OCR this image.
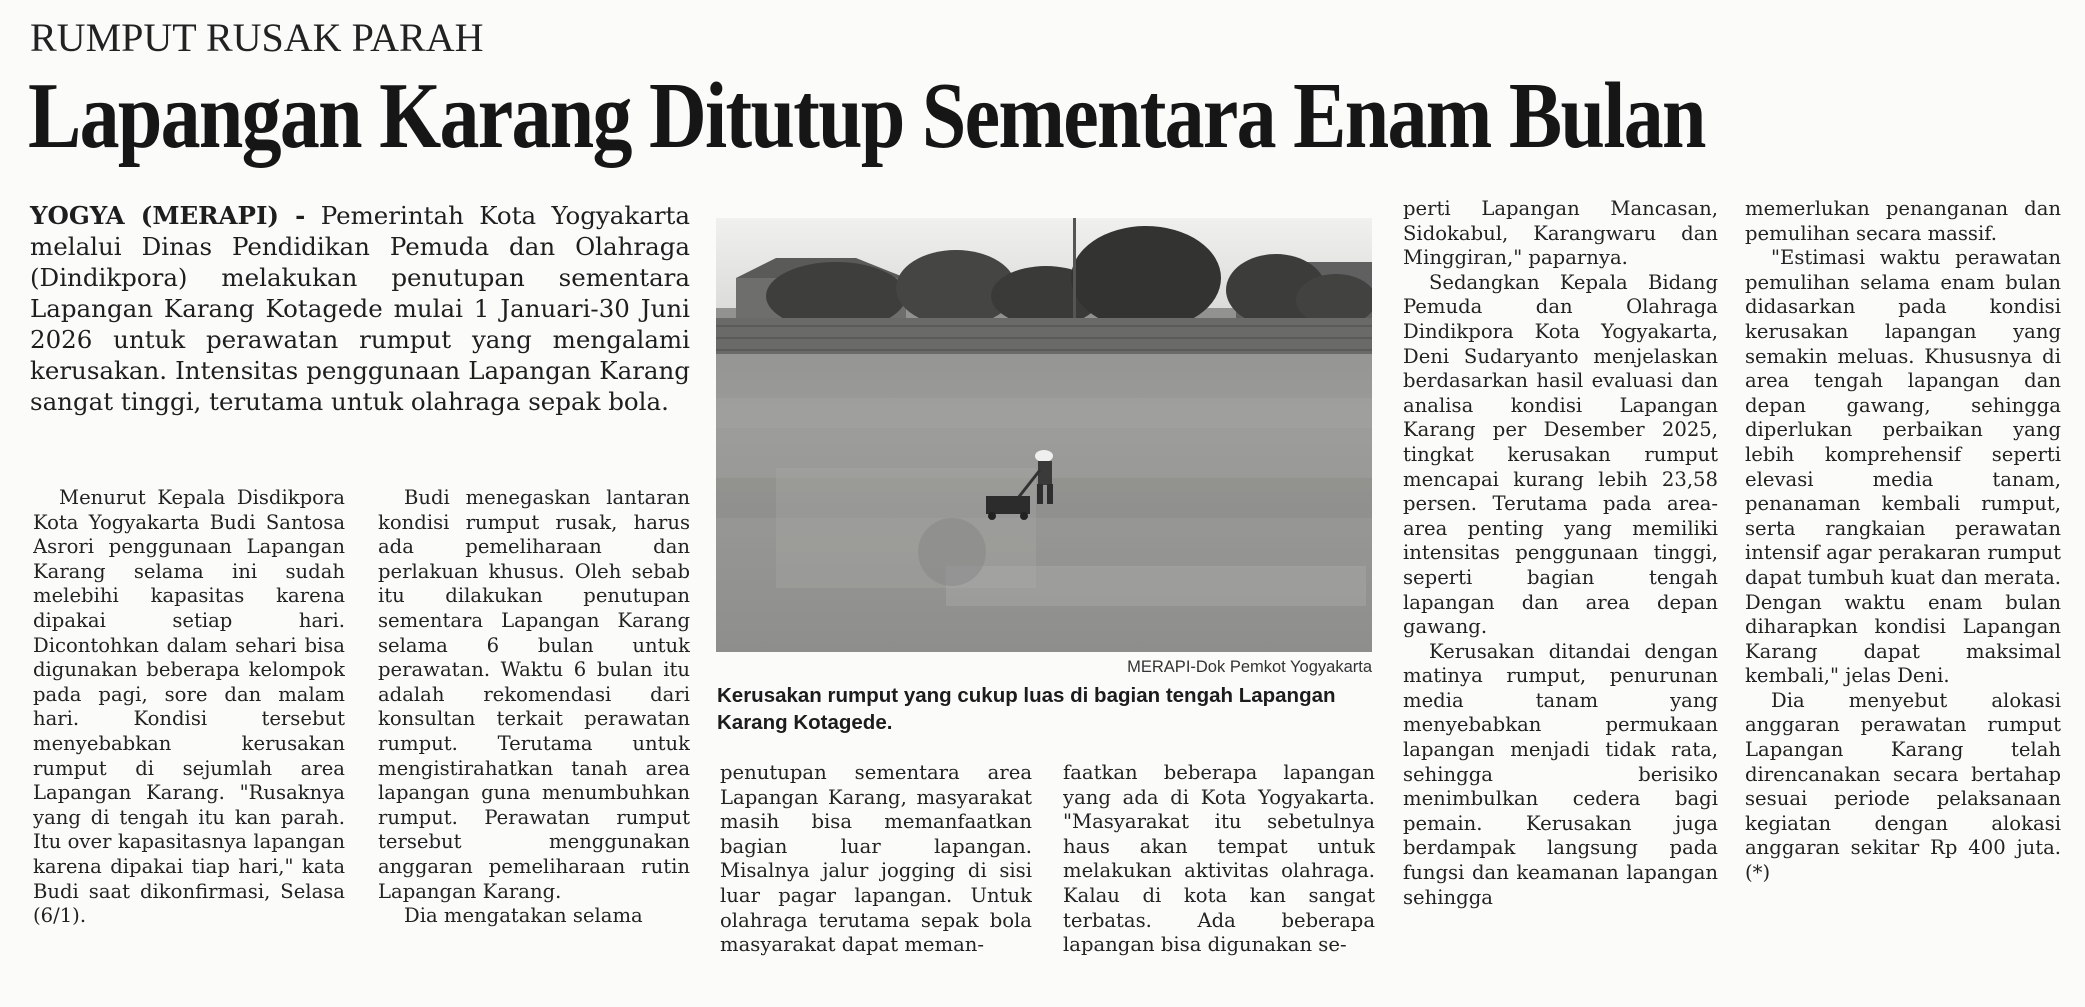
RUMPUT RUSAK PARAH
Lapangan Karang Ditutup Sementara Enam Bulan
YOGYA (MERAPI) - Pemerintah Kota Yogyakarta melalui Dinas Pendidikan Pemuda dan Olahraga (Dindikpora) melakukan penutupan sementara Lapangan Karang Kotagede mulai 1 Januari-30 Juni 2026 untuk perawatan rumput yang mengalami kerusakan. Intensitas penggunaan Lapangan Karang sangat tinggi, terutama untuk olahraga sepak bola.
MERAPI-Dok Pemkot Yogyakarta
Kerusakan rumput yang cukup luas di bagian tengah Lapangan Karang Kotagede.

Menurut Kepala Disdikpora Kota Yogyakarta Budi Santosa Asrori penggunaan Lapangan Karang selama ini sudah melebihi kapasitas karena dipakai setiap hari. Dicontohkan dalam sehari bisa digunakan beberapa kelompok pada pagi, sore dan malam hari. Kondisi tersebut menyebabkan kerusakan rumput di sejumlah area Lapangan Karang. "Rusaknya yang di tengah itu kan parah. Itu over kapasitasnya lapangan karena dipakai tiap hari," kata Budi saat dikonfirmasi, Selasa (6/1).

Budi menegaskan lantaran kondisi rumput rusak, harus ada pemeliharaan dan perlakuan khusus. Oleh sebab itu dilakukan penutupan sementara Lapangan Karang selama 6 bulan untuk perawatan. Waktu 6 bulan itu adalah rekomendasi dari konsultan terkait perawatan rumput. Terutama untuk mengistirahatkan tanah area lapangan guna menumbuhkan rumput. Perawatan rumput tersebut menggunakan anggaran pemeliharaan rutin Lapangan Karang.

Dia mengatakan selama

penutupan sementara area Lapangan Karang, masyarakat masih bisa memanfaatkan bagian luar lapangan. Misalnya jalur jogging di sisi luar pagar lapangan. Untuk olahraga terutama sepak bola masyarakat dapat meman-

faatkan beberapa lapangan yang ada di Kota Yogyakarta. "Masyarakat itu sebetulnya haus akan tempat untuk melakukan aktivitas olahraga. Kalau di kota kan sangat terbatas. Ada beberapa lapangan bisa digunakan se-

perti Lapangan Mancasan, Sidokabul, Karangwaru dan Minggiran," paparnya.

Sedangkan Kepala Bidang Pemuda dan Olahraga Dindikpora Kota Yogyakarta, Deni Sudaryanto menjelaskan berdasarkan hasil evaluasi dan analisa kondisi Lapangan Karang per Desember 2025, tingkat kerusakan rumput mencapai kurang lebih 23,58 persen. Terutama pada area-area penting yang memiliki intensitas penggunaan tinggi, seperti bagian tengah lapangan dan area depan gawang.

Kerusakan ditandai dengan matinya rumput, penurunan media tanam yang menyebabkan permukaan lapangan menjadi tidak rata, sehingga berisiko menimbulkan cedera bagi pemain. Kerusakan juga berdampak langsung pada fungsi dan keamanan lapangan sehingga

memerlukan penanganan dan pemulihan secara massif.

"Estimasi waktu perawatan pemulihan selama enam bulan didasarkan pada kondisi kerusakan lapangan yang semakin meluas. Khususnya di area tengah lapangan dan depan gawang, sehingga diperlukan perbaikan yang lebih komprehensif seperti elevasi media tanam, penanaman kembali rumput, serta rangkaian perawatan intensif agar perakaran rumput dapat tumbuh kuat dan merata. Dengan waktu enam bulan diharapkan kondisi Lapangan Karang dapat maksimal kembali," jelas Deni.

Dia menyebut alokasi anggaran perawatan rumput Lapangan Karang telah direncanakan secara bertahap sesuai periode pelaksanaan kegiatan dengan alokasi anggaran sekitar Rp 400 juta. (*)
